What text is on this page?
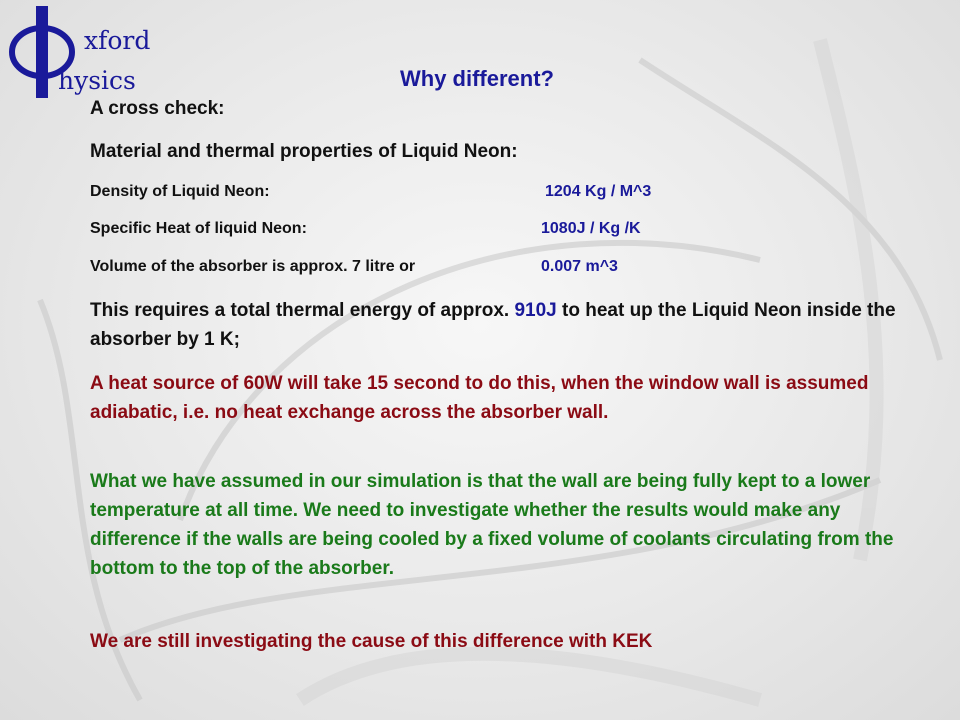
xford
hysics	Why different?
A cross check:
Material and thermal properties of Liquid Neon:
Density of Liquid Neon:	1204 Kg / M^3
Specific Heat of liquid Neon:	1080J / Kg /K
Volume of the absorber is approx. 7 litre or	0.007 m^3
This requires a total thermal energy of approx. 910J to heat up the Liquid Neon inside the absorber by 1 K;
A heat source of 60W will take 15 second to do this, when the window wall is assumed adiabatic, i.e. no heat exchange across the absorber wall.
What we have assumed in our simulation is that the wall are being fully kept to a lower temperature at all time. We need to investigate whether the results would make any difference if the walls are being cooled by a fixed volume of coolants circulating from the bottom to the top of the absorber.
We are still investigating the cause of this difference with KEK
